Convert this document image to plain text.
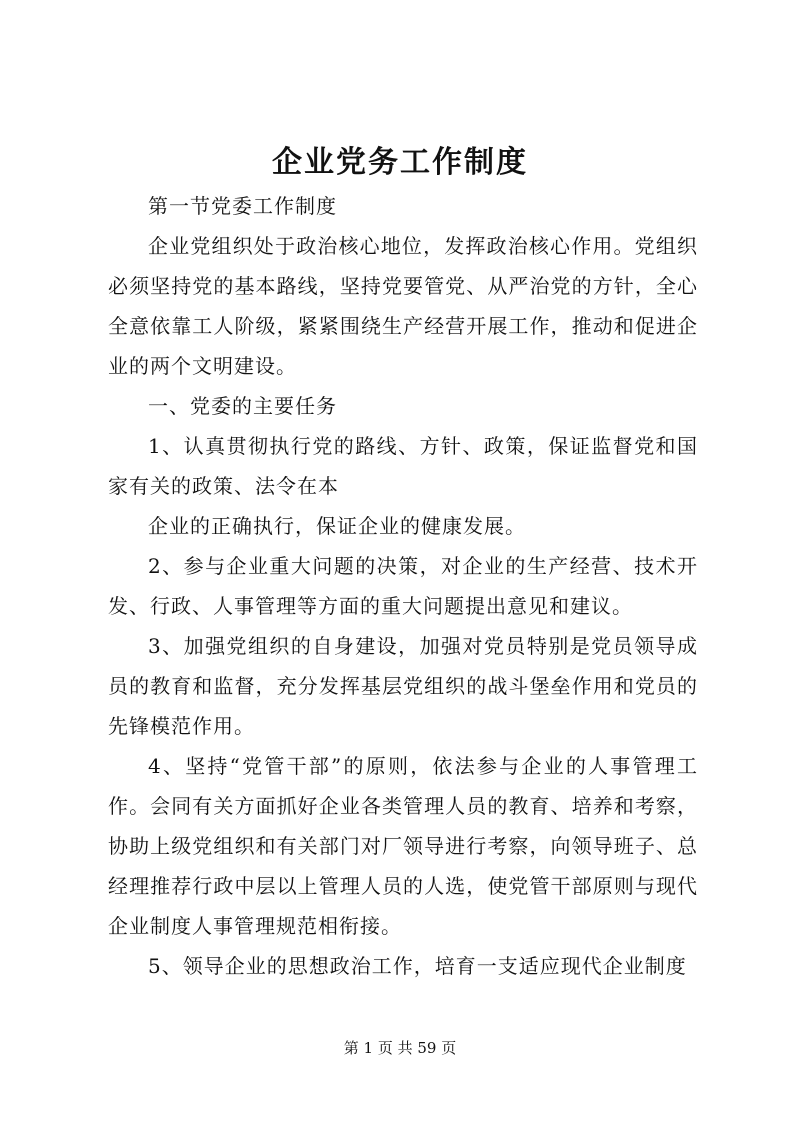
企业党务工作制度

第一节党委工作制度

企业党组织处于政治核心地位，发挥政治核心作用。党组织必须坚持党的基本路线，坚持党要管党、从严治党的方针，全心全意依靠工人阶级，紧紧围绕生产经营开展工作，推动和促进企业的两个文明建设。

一、党委的主要任务

1、认真贯彻执行党的路线、方针、政策，保证监督党和国家有关的政策、法令在本

企业的正确执行，保证企业的健康发展。

2、参与企业重大问题的决策，对企业的生产经营、技术开发、行政、人事管理等方面的重大问题提出意见和建议。

3、加强党组织的自身建设，加强对党员特别是党员领导成员的教育和监督，充分发挥基层党组织的战斗堡垒作用和党员的先锋模范作用。

4、坚持“党管干部”的原则，依法参与企业的人事管理工作。会同有关方面抓好企业各类管理人员的教育、培养和考察，协助上级党组织和有关部门对厂领导进行考察，向领导班子、总经理推荐行政中层以上管理人员的人选，使党管干部原则与现代企业制度人事管理规范相衔接。

5、领导企业的思想政治工作，培育一支适应现代企业制度

第 1 页 共 59 页
